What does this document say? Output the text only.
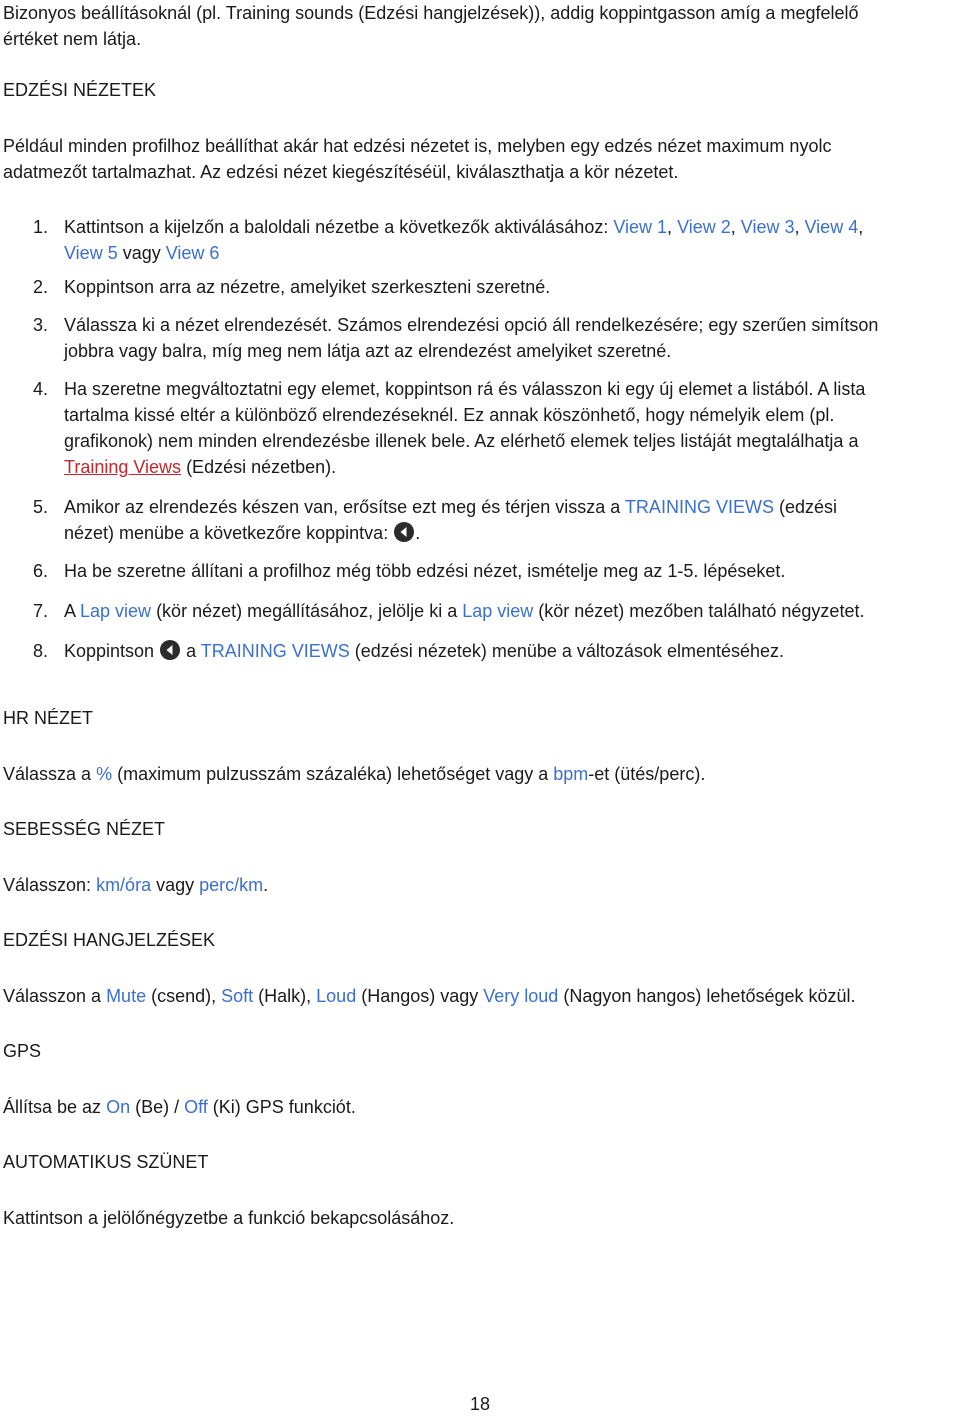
Bizonyos beállításoknál (pl. Training sounds (Edzési hangjelzések)), addig koppintgasson amíg a megfelelő

értéket nem látja.

EDZÉSI NÉZETEK

Például minden profilhoz beállíthat akár hat edzési nézetet is, melyben egy edzés nézet maximum nyolc

adatmezőt tartalmazhat. Az edzési nézet kiegészítéséül, kiválaszthatja a kör nézetet.

1. Kattintson a kijelzőn a baloldali nézetbe a következők aktiválásához: View 1, View 2, View 3, View 4,
View 5 vagy View 6
2. Koppintson arra az nézetre, amelyiket szerkeszteni szeretné.
3. Válassza ki a nézet elrendezését. Számos elrendezési opció áll rendelkezésére; egy szerűen simítson
jobbra vagy balra, míg meg nem látja azt az elrendezést amelyiket szeretné.
4. Ha szeretne megváltoztatni egy elemet, koppintson rá és válasszon ki egy új elemet a listából. A lista
tartalma kissé eltér a különböző elrendezéseknél. Ez annak köszönhető, hogy némelyik elem (pl.
grafikonok) nem minden elrendezésbe illenek bele. Az elérhető elemek teljes listáját megtalálhatja a
Training Views (Edzési nézetben).
5. Amikor az elrendezés készen van, erősítse ezt meg és térjen vissza a TRAINING VIEWS (edzési
nézet) menübe a következőre koppintva: .
6. Ha be szeretne állítani a profilhoz még több edzési nézet, ismételje meg az 1-5. lépéseket.
7. A Lap view (kör nézet) megállításához, jelölje ki a Lap view (kör nézet) mezőben található négyzetet.
8. Koppintson  a TRAINING VIEWS (edzési nézetek) menübe a változások elmentéséhez.

HR NÉZET

Válassza a % (maximum pulzusszám százaléka) lehetőséget vagy a bpm-et (ütés/perc).

SEBESSÉG NÉZET

Válasszon: km/óra vagy perc/km.

EDZÉSI HANGJELZÉSEK

Válasszon a Mute (csend), Soft (Halk), Loud (Hangos) vagy Very loud (Nagyon hangos) lehetőségek közül.

GPS

Állítsa be az On (Be) / Off (Ki) GPS funkciót.

AUTOMATIKUS SZÜNET

Kattintson a jelölőnégyzetbe a funkció bekapcsolásához.

18
